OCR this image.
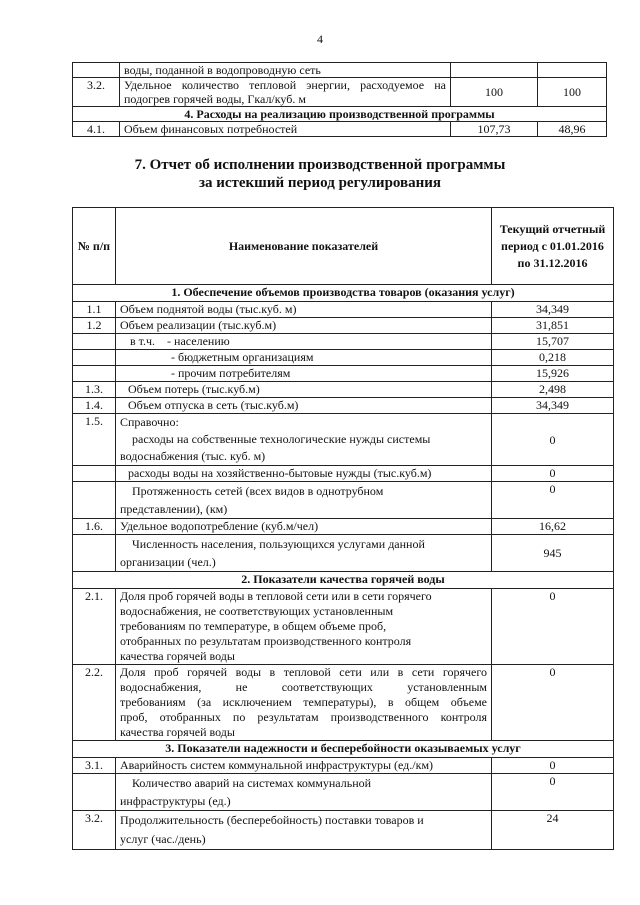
4
	воды, поданной в водопроводную сеть		
3.2.	Удельное количество тепловой энергии, расходуемое на подогрев горячей воды, Гкал/куб. м	100	100
4. Расходы на реализацию производственной программы			
4.1.	Объем финансовых потребностей	107,73	48,96
7. Отчет об исполнении производственной программы
за истекший период регулирования
№ п/п	Наименование показателей	Текущий отчетный период с 01.01.2016 по 31.12.2016
1. Обеспечение объемов производства товаров (оказания услуг)		
1.1	Объем поднятой воды (тыс.куб. м)	34,349
1.2	Объем реализации (тыс.куб.м)	31,851
	в т.ч. - населению	15,707
	- бюджетным организациям	0,218
	- прочим потребителям	15,926
1.3.	Объем потерь (тыс.куб.м)	2,498
1.4.	Объем отпуска в сеть (тыс.куб.м)	34,349
1.5.	Справочно:
расходы на собственные технологические нужды системы
водоснабжения (тыс. куб. м)	0
	расходы воды на хозяйственно-бытовые нужды (тыс.куб.м)	0

	Протяженность сетей (всех видов в однотрубном
представлении), (км)	0
1.6.	Удельное водопотребление (куб.м/чел)	16,62

	Численность населения, пользующихся услугами данной
организации (чел.)	945
2. Показатели качества горячей воды		
2.1.	Доля проб горячей воды в тепловой сети или в сети горячего
водоснабжения, не соответствующих установленным
требованиям по температуре, в общем объеме проб,
отобранных по результатам производственного контроля
качества горячей воды	0
2.2.	Доля проб горячей воды в тепловой сети или в сети горячего
водоснабжения, не соответствующих установленным
требованиям (за исключением температуры), в общем объеме
проб, отобранных по результатам производственного контроля
качества горячей воды	0
3. Показатели надежности и бесперебойности оказываемых услуг		
3.1.	Аварийность систем коммунальной инфраструктуры (ед./км)	0

	Количество аварий на системах коммунальной
инфраструктуры (ед.)	0
3.2.	Продолжительность (бесперебойность) поставки товаров и
услуг (час./день)	24
